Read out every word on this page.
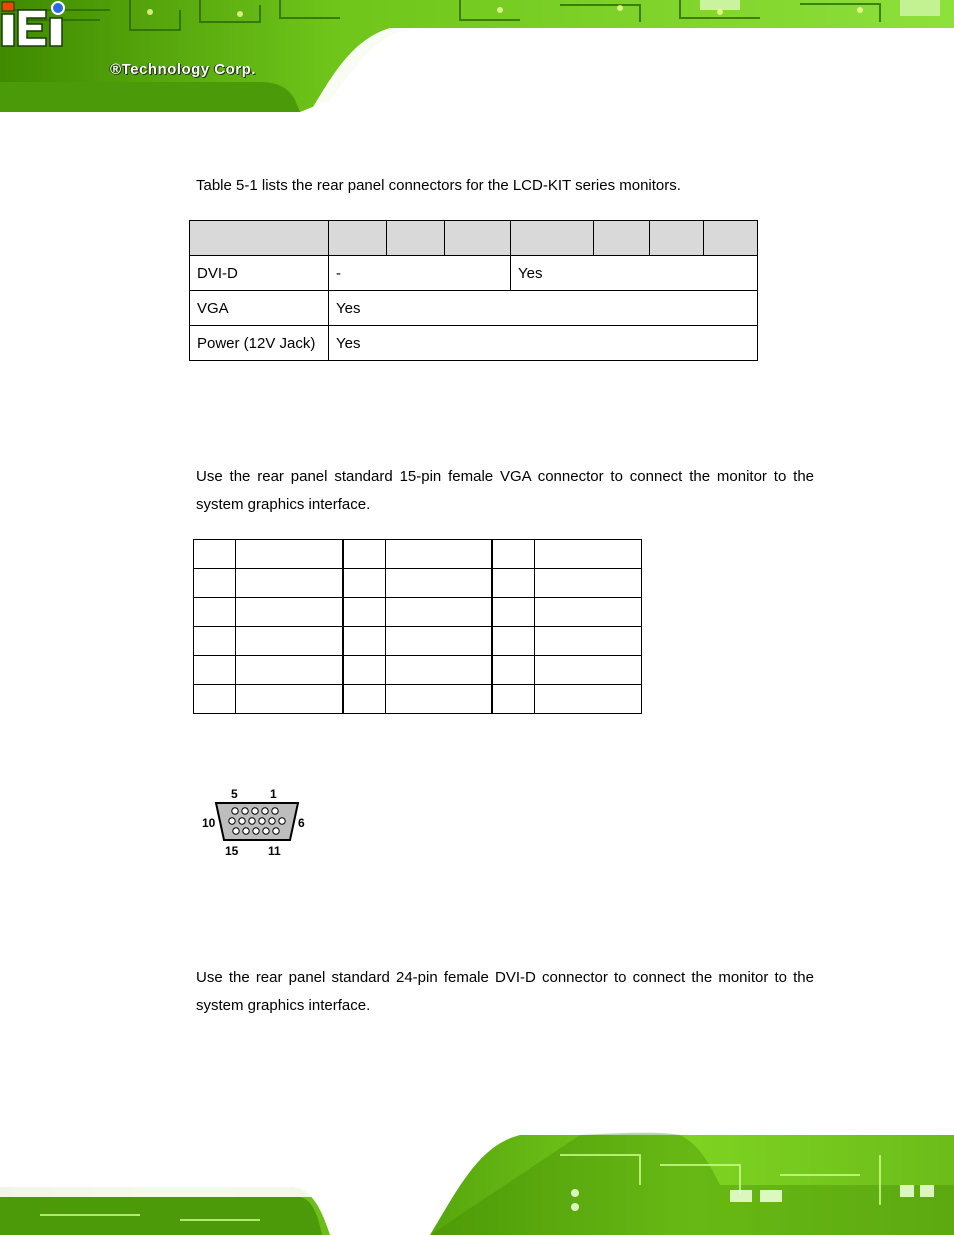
®Technology Corp.
Table 5-1 lists the rear panel connectors for the LCD-KIT series monitors.

DVI-D	-			Yes			
VGA	Yes						
Power (12V Jack)	Yes						
Use the rear panel standard 15-pin female VGA connector to connect the monitor to the system graphics interface.

5	1
10	6
15 11
Use the rear panel standard 24-pin female DVI-D connector to connect the monitor to the system graphics interface.
